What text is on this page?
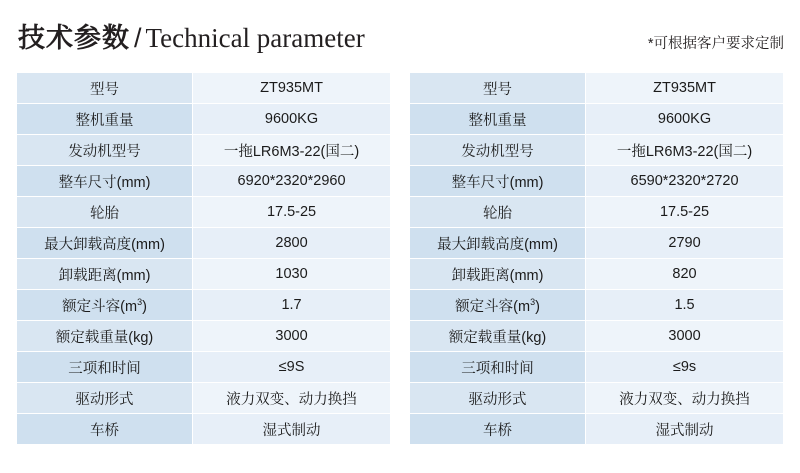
技术参数 / Technical parameter	*可根据客户要求定制
型号	ZT935MT
整机重量	9600KG
发动机型号	一拖LR6M3-22(国二)
整车尺寸(mm)	6920*2320*2960
轮胎	17.5-25
最大卸载高度(mm)	2800
卸载距离(mm)	1030
额定斗容$(m^3)$	1.7
额定载重量(kg)	3000
三项和时间	≤9S
驱动形式	液力双变、动力换挡
车桥	湿式制动
型号	ZT935MT
整机重量	9600KG
发动机型号	一拖LR6M3-22(国二)
整车尺寸(mm)	6590*2320*2720
轮胎	17.5-25
最大卸载高度(mm)	2790
卸载距离(mm)	820
额定斗容$(m^3)$	1.5
额定载重量(kg)	3000
三项和时间	≤9s
驱动形式	液力双变、动力换挡
车桥	湿式制动
